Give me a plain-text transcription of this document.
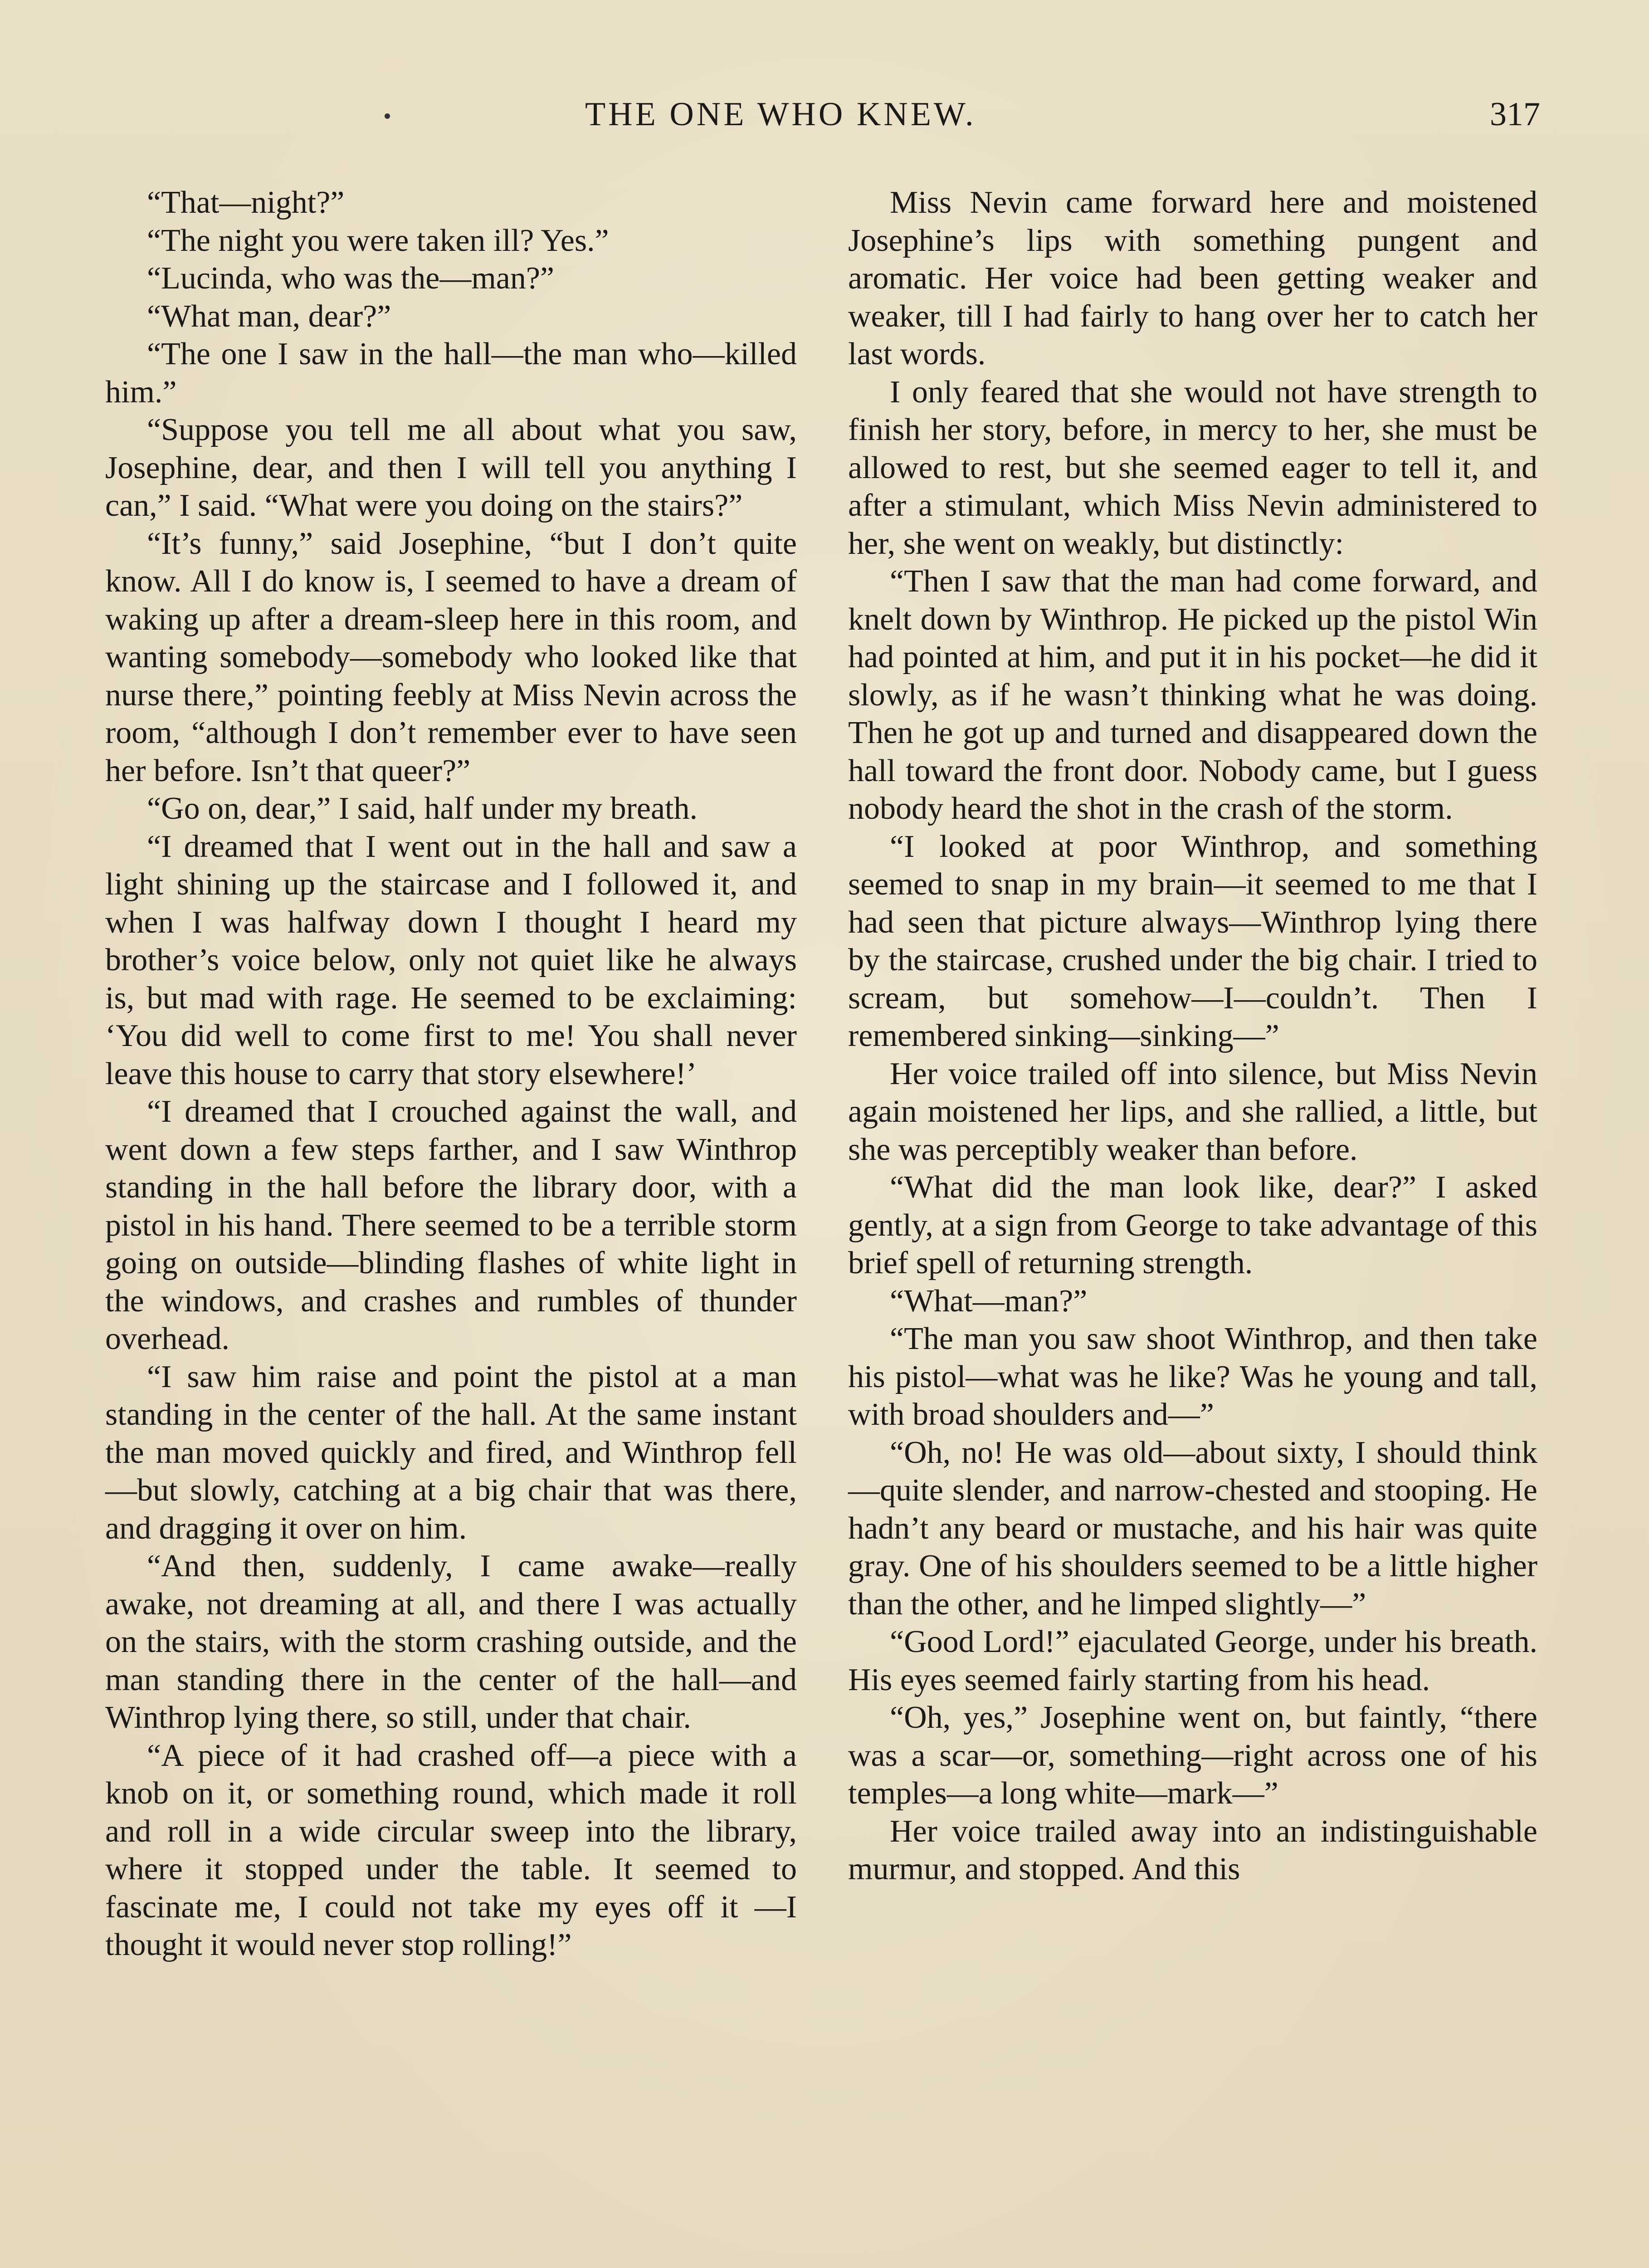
THE ONE WHO KNEW.	317

“That—night?”

“The night you were taken ill? Yes.”

“Lucinda, who was the—man?”

“What man, dear?”

“The one I saw in the hall—the man who—killed him.”

“Suppose you tell me all about what you saw, Josephine, dear, and then I will tell you anything I can,” I said. “What were you doing on the stairs?”

“It’s funny,” said Josephine, “but I don’t quite know. All I do know is, I seemed to have a dream of waking up after a dream-sleep here in this room, and wanting somebody—somebody who looked like that nurse there,” pointing feebly at Miss Nevin across the room, “although I don’t remember ever to have seen her before. Isn’t that queer?”

“Go on, dear,” I said, half under my breath.

“I dreamed that I went out in the hall and saw a light shining up the staircase and I followed it, and when I was halfway down I thought I heard my brother’s voice below, only not quiet like he always is, but mad with rage. He seemed to be exclaiming: ‘You did well to come first to me! You shall never leave this house to carry that story elsewhere!’

“I dreamed that I crouched against the wall, and went down a few steps farther, and I saw Winthrop standing in the hall before the library door, with a pistol in his hand. There seemed to be a terrible storm going on outside—blinding flashes of white light in the windows, and crashes and rumbles of thunder overhead.

“I saw him raise and point the pistol at a man standing in the center of the hall. At the same instant the man moved quickly and fired, and Winthrop fell—but slowly, catching at a big chair that was there, and dragging it over on him.

“And then, suddenly, I came awake—really awake, not dreaming at all, and there I was actually on the stairs, with the storm crashing outside, and the man standing there in the center of the hall—and Winthrop lying there, so still, under that chair.

“A piece of it had crashed off—a piece with a knob on it, or something round, which made it roll and roll in a wide circular sweep into the library, where it stopped under the table. It seemed to fascinate me, I could not take my eyes off it —I thought it would never stop rolling!”

Miss Nevin came forward here and moistened Josephine’s lips with something pungent and aromatic. Her voice had been getting weaker and weaker, till I had fairly to hang over her to catch her last words.

I only feared that she would not have strength to finish her story, before, in mercy to her, she must be allowed to rest, but she seemed eager to tell it, and after a stimulant, which Miss Nevin administered to her, she went on weakly, but distinctly:

“Then I saw that the man had come forward, and knelt down by Winthrop. He picked up the pistol Win had pointed at him, and put it in his pocket—he did it slowly, as if he wasn’t thinking what he was doing. Then he got up and turned and disappeared down the hall toward the front door. Nobody came, but I guess nobody heard the shot in the crash of the storm.

“I looked at poor Winthrop, and something seemed to snap in my brain—it seemed to me that I had seen that picture always—Winthrop lying there by the staircase, crushed under the big chair. I tried to scream, but somehow—I—couldn’t. Then I remembered sinking—sinking—”

Her voice trailed off into silence, but Miss Nevin again moistened her lips, and she rallied, a little, but she was perceptibly weaker than before.

“What did the man look like, dear?” I asked gently, at a sign from George to take advantage of this brief spell of returning strength.

“What—man?”

“The man you saw shoot Winthrop, and then take his pistol—what was he like? Was he young and tall, with broad shoulders and—”

“Oh, no! He was old—about sixty, I should think—quite slender, and narrow-chested and stooping. He hadn’t any beard or mustache, and his hair was quite gray. One of his shoulders seemed to be a little higher than the other, and he limped slightly—”

“Good Lord!” ejaculated George, under his breath. His eyes seemed fairly starting from his head.

“Oh, yes,” Josephine went on, but faintly, “there was a scar—or, something—right across one of his temples—a long white—mark—”

Her voice trailed away into an indistinguishable murmur, and stopped. And this
